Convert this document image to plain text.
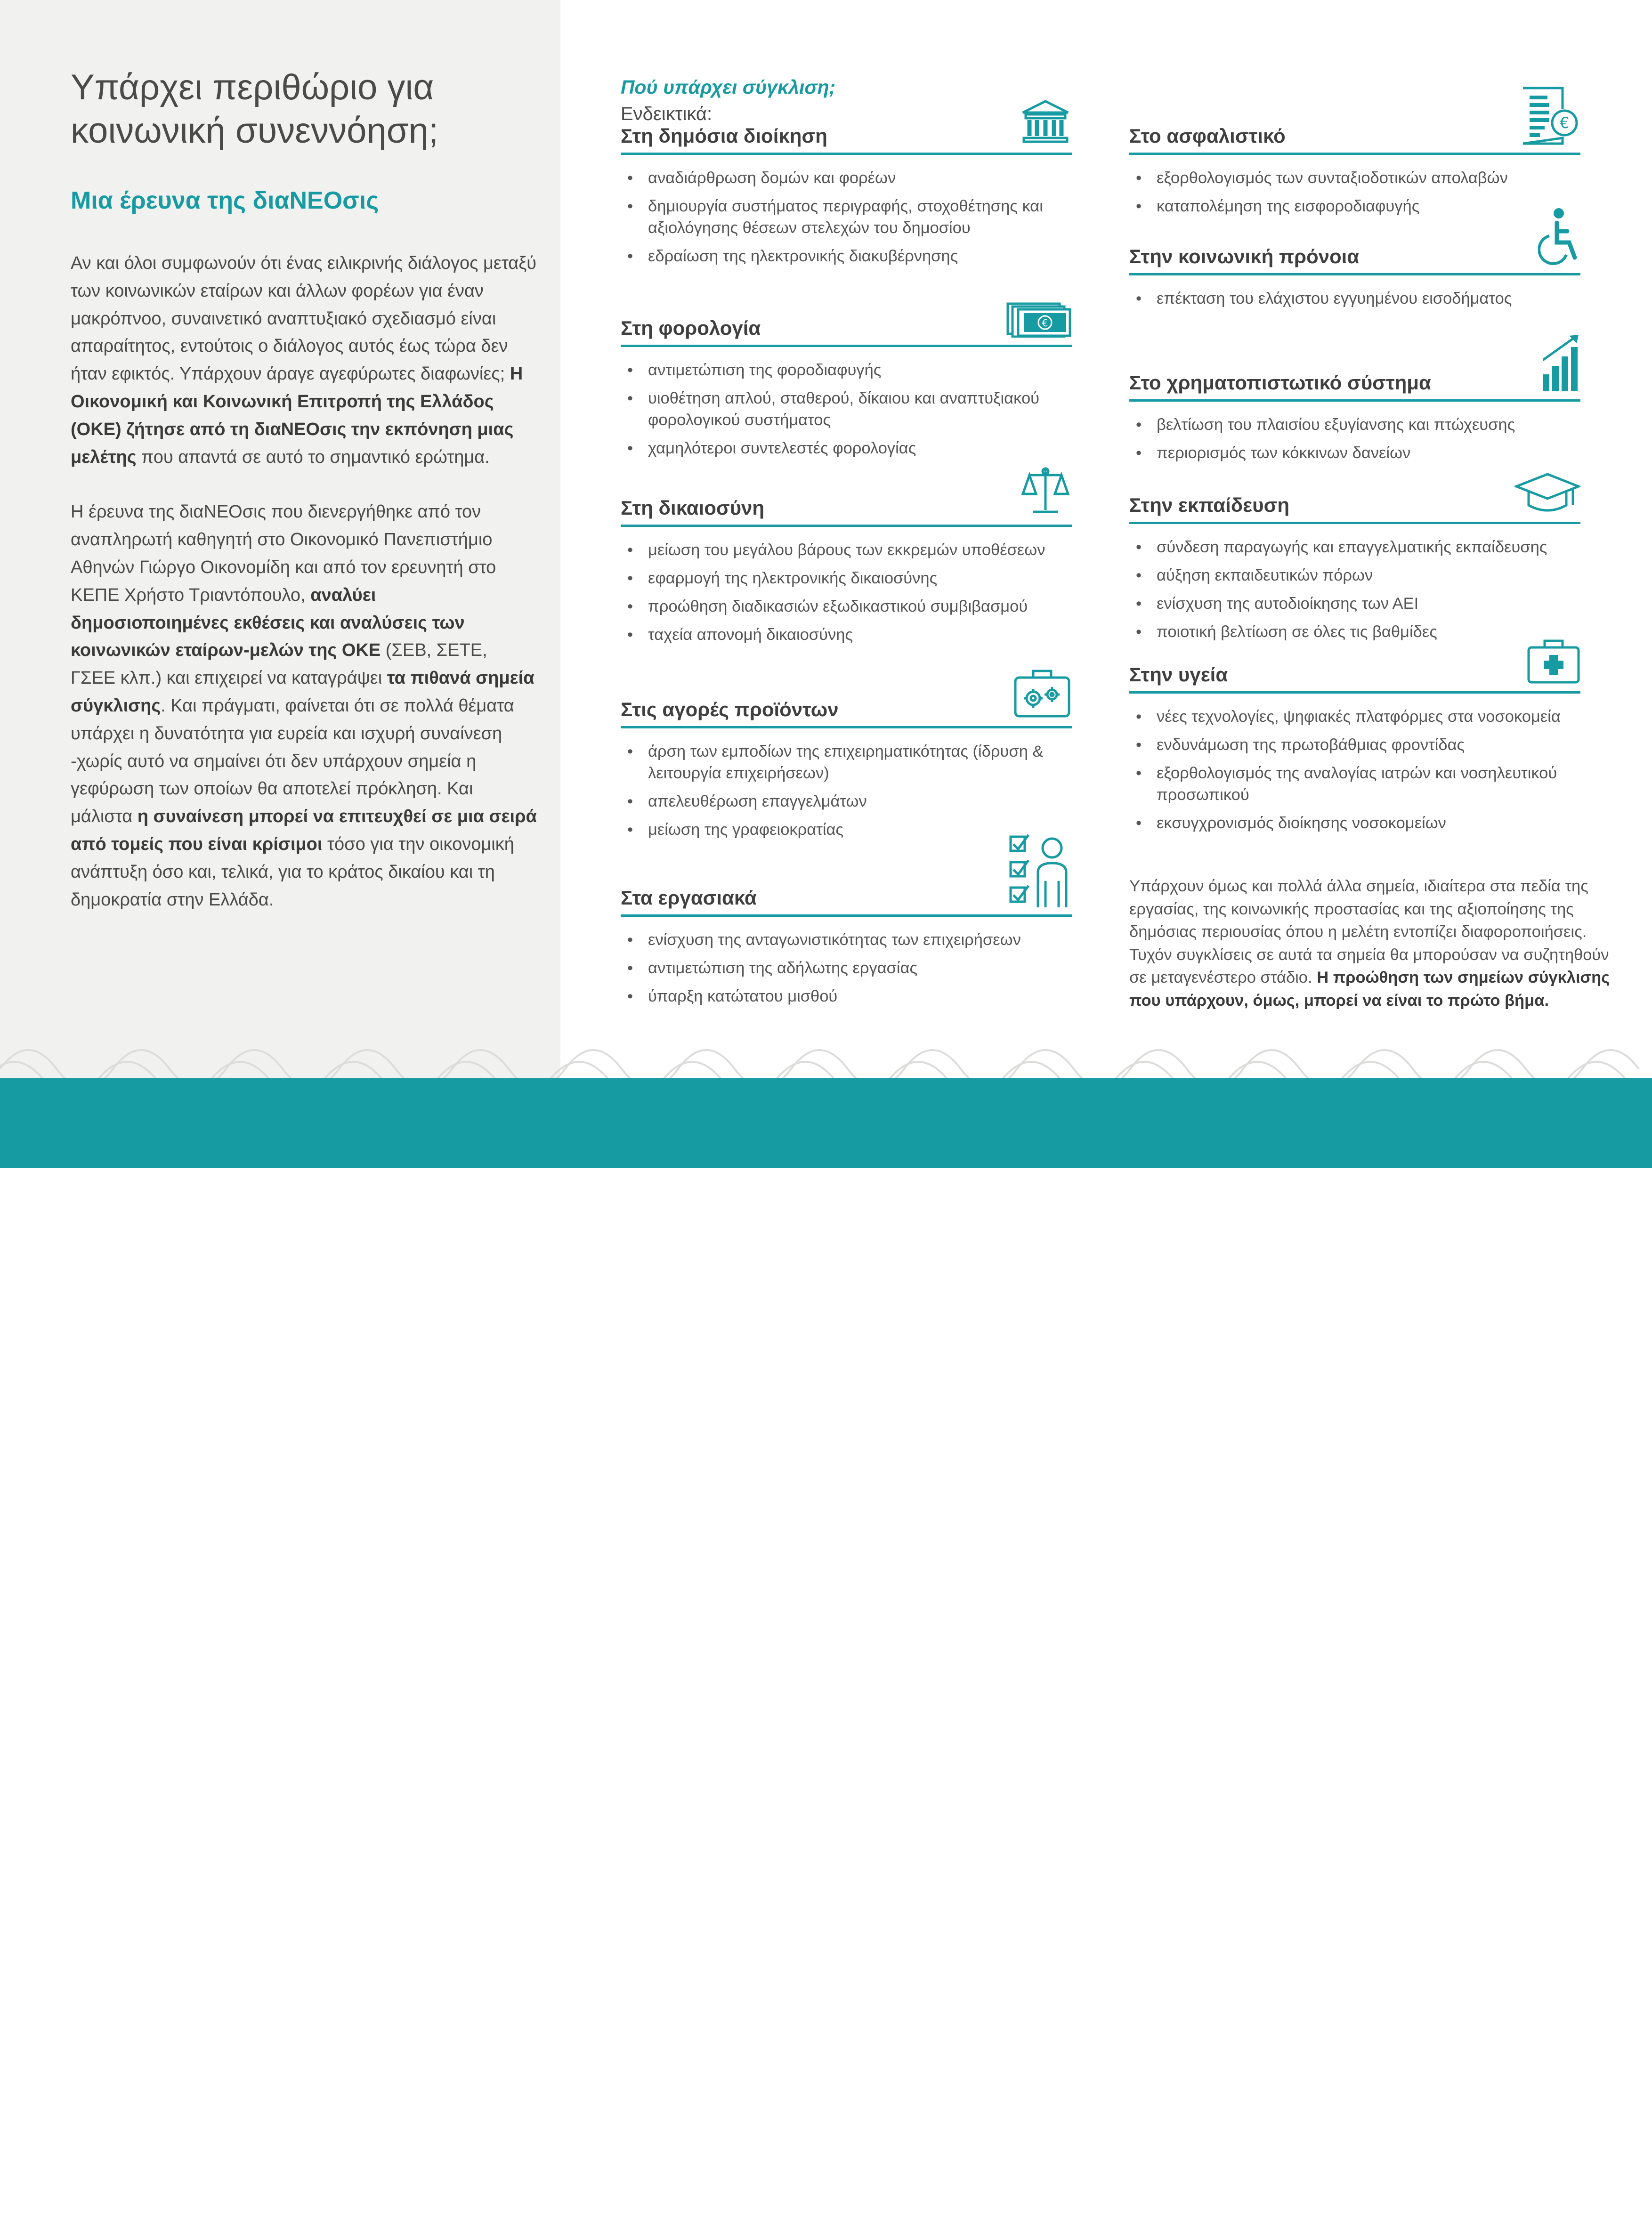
Υπάρχει περιθώριο για κοινωνική συνεννόηση;
Μια έρευνα της διαΝΕΟσις

Αν και όλοι συμφωνούν ότι ένας ειλικρινής διάλογος μεταξύ των κοινωνικών εταίρων και άλλων φορέων για έναν μακρόπνοο, συναινετικό αναπτυξιακό σχεδιασμό είναι απαραίτητος, εντούτοις ο διάλογος αυτός έως τώρα δεν ήταν εφικτός. Υπάρχουν άραγε αγεφύρωτες διαφωνίες; Η Οικονομική και Κοινωνική Επιτροπή της Ελλάδος (ΟΚΕ) ζήτησε από τη διαΝΕΟσις την εκπόνηση μιας μελέτης που απαντά σε αυτό το σημαντικό ερώτημα.

Η έρευνα της διαΝΕΟσις που διενεργήθηκε από τον αναπληρωτή καθηγητή στο Οικονομικό Πανεπιστήμιο Αθηνών Γιώργο Οικονομίδη και από τον ερευνητή στο ΚΕΠΕ Χρήστο Τριαντόπουλο, αναλύει δημοσιοποιημένες εκθέσεις και αναλύσεις των κοινωνικών εταίρων-μελών της ΟΚΕ (ΣΕΒ, ΣΕΤΕ, ΓΣΕΕ κλπ.) και επιχειρεί να καταγράψει τα πιθανά σημεία σύγκλισης. Και πράγματι, φαίνεται ότι σε πολλά θέματα υπάρχει η δυνατότητα για ευρεία και ισχυρή συναίνεση -χωρίς αυτό να σημαίνει ότι δεν υπάρχουν σημεία η γεφύρωση των οποίων θα αποτελεί πρόκληση. Και μάλιστα η συναίνεση μπορεί να επιτευχθεί σε μια σειρά από τομείς που είναι κρίσιμοι τόσο για την οικονομική ανάπτυξη όσο και, τελικά, για το κράτος δικαίου και τη δημοκρατία στην Ελλάδα.

Πού υπάρχει σύγκλιση;
Ενδεικτικά:
Στη δημόσια διοίκηση
• αναδιάρθρωση δομών και φορέων
• δημιουργία συστήματος περιγραφής, στοχοθέτησης και αξιολόγησης θέσεων στελεχών του δημοσίου
• εδραίωση της ηλεκτρονικής διακυβέρνησης
Στη φορολογία	€
• αντιμετώπιση της φοροδιαφυγής
• υιοθέτηση απλού, σταθερού, δίκαιου και αναπτυξιακού φορολογικού συστήματος
• χαμηλότεροι συντελεστές φορολογίας
Στη δικαιοσύνη
• μείωση του μεγάλου βάρους των εκκρεμών υποθέσεων
• εφαρμογή της ηλεκτρονικής δικαιοσύνης
• προώθηση διαδικασιών εξωδικαστικού συμβιβασμού
• ταχεία απονομή δικαιοσύνης
Στις αγορές προϊόντων
• άρση των εμποδίων της επιχειρηματικότητας (ίδρυση & λειτουργία επιχειρήσεων)
• απελευθέρωση επαγγελμάτων
• μείωση της γραφειοκρατίας
Στα εργασιακά
• ενίσχυση της ανταγωνιστικότητας των επιχειρήσεων
• αντιμετώπιση της αδήλωτης εργασίας
• ύπαρξη κατώτατου μισθού
Στο ασφαλιστικό
€
• εξορθολογισμός των συνταξιοδοτικών απολαβών
• καταπολέμηση της εισφοροδιαφυγής
Στην κοινωνική πρόνοια
• επέκταση του ελάχιστου εγγυημένου εισοδήματος
Στο χρηματοπιστωτικό σύστημα
• βελτίωση του πλαισίου εξυγίανσης και πτώχευσης
• περιορισμός των κόκκινων δανείων
Στην εκπαίδευση
• σύνδεση παραγωγής και επαγγελματικής εκπαίδευσης
• αύξηση εκπαιδευτικών πόρων
• ενίσχυση της αυτοδιοίκησης των ΑΕΙ
• ποιοτική βελτίωση σε όλες τις βαθμίδες
Στην υγεία
• νέες τεχνολογίες, ψηφιακές πλατφόρμες στα νοσοκομεία
• ενδυνάμωση της πρωτοβάθμιας φροντίδας
• εξορθολογισμός της αναλογίας ιατρών και νοσηλευτικού προσωπικού
• εκσυγχρονισμός διοίκησης νοσοκομείων
Υπάρχουν όμως και πολλά άλλα σημεία, ιδιαίτερα στα πεδία της εργασίας, της κοινωνικής προστασίας και της αξιοποίησης της δημόσιας περιουσίας όπου η μελέτη εντοπίζει διαφοροποιήσεις. Τυχόν συγκλίσεις σε αυτά τα σημεία θα μπορούσαν να συζητηθούν σε μεταγενέστερο στάδιο. Η προώθηση των σημείων σύγκλισης που υπάρχουν, όμως, μπορεί να είναι το πρώτο βήμα.
Διαβάστε ολόκληρη την έρευνα στο dianeosis.org	διαΝΕΟσις
ΟΡΓΑΝΙΣΜΟΣ ΕΡΕΥΝΑΣ & ΑΝΑΛΥΣΗΣ
